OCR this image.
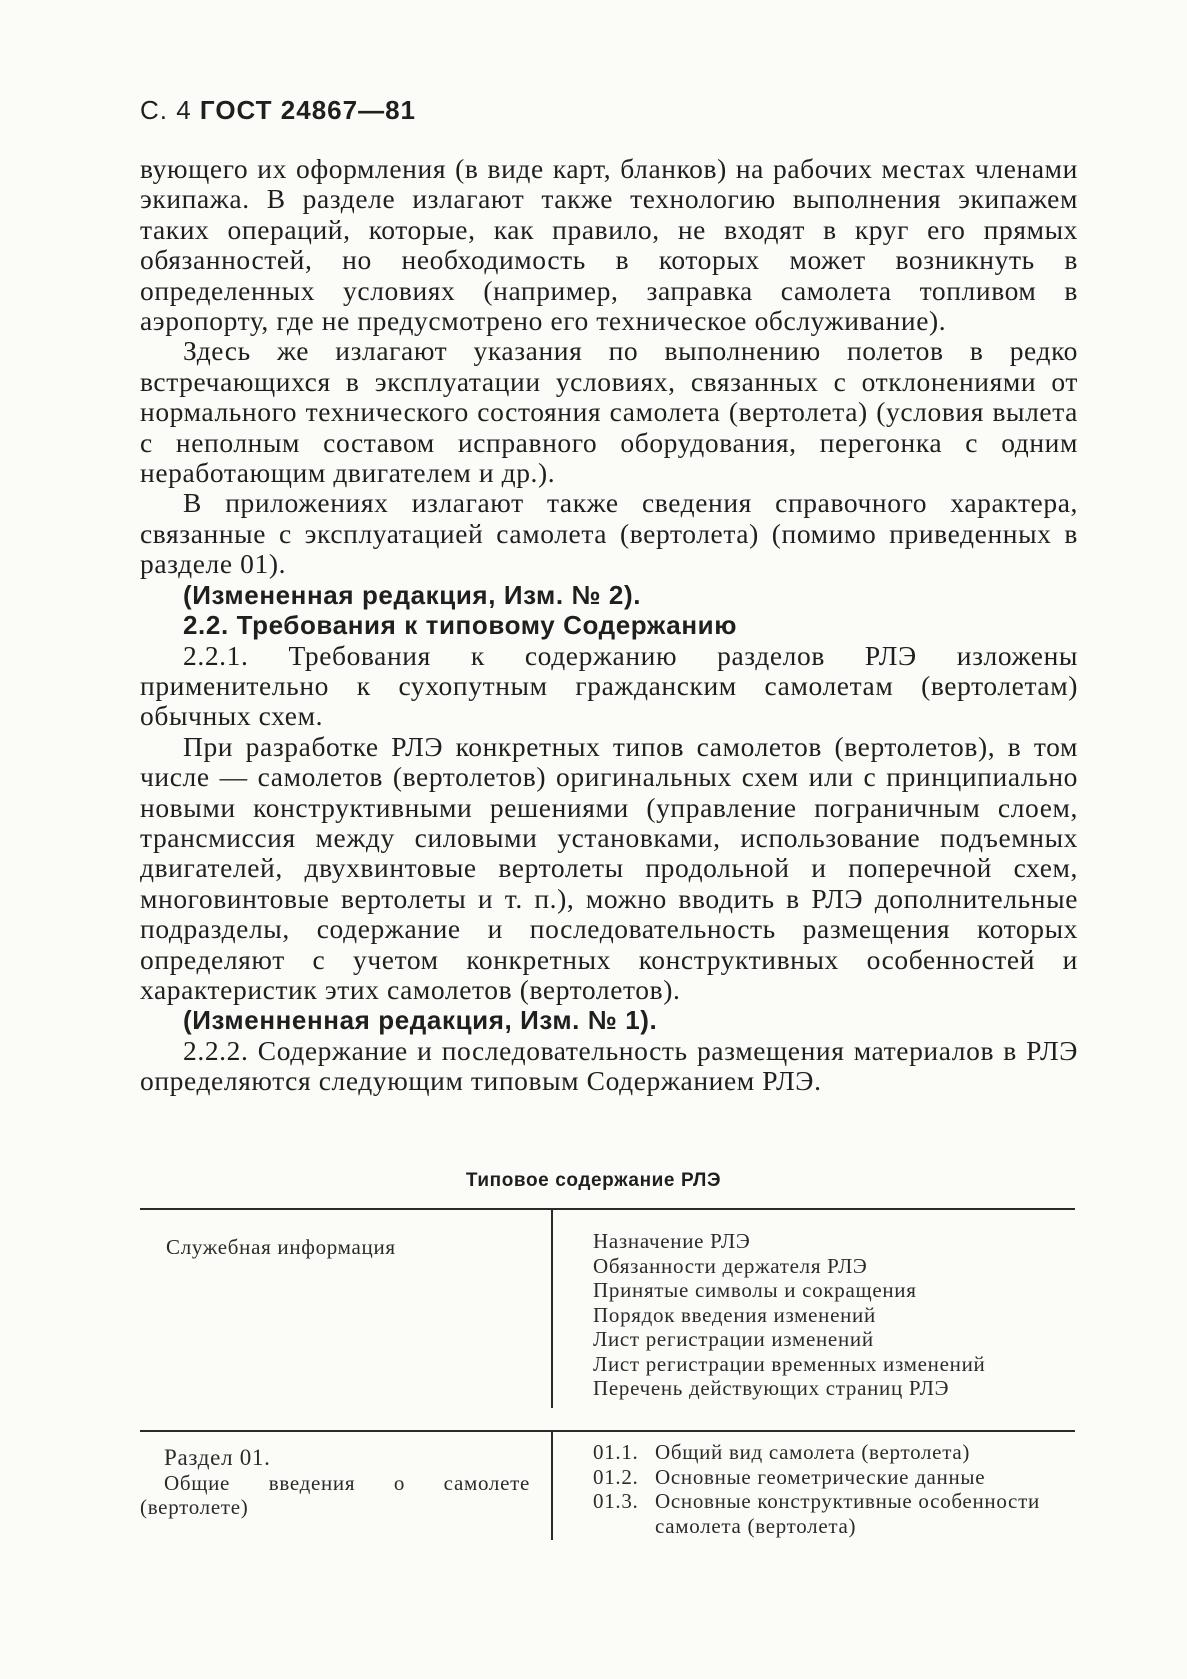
С. 4 ГОСТ 24867—81

вующего их оформления (в виде карт, бланков) на рабочих местах членами экипажа. В разделе излагают также технологию выполнения экипажем таких операций, которые, как правило, не входят в круг его прямых обязанностей, но необходимость в которых может возникнуть в определенных условиях (например, заправка самолета топливом в аэропорту, где не предусмотрено его техническое обслуживание).

Здесь же излагают указания по выполнению полетов в редко встречающихся в эксплуатации условиях, связанных с отклонениями от нормального технического состояния самолета (вертолета) (условия вылета с неполным составом исправного оборудования, перегонка с одним неработающим двигателем и др.).

В приложениях излагают также сведения справочного характера, связанные с эксплуатацией самолета (вертолета) (помимо приведенных в разделе 01).

(Измененная редакция, Изм. № 2).

2.2. Требования к типовому Содержанию

2.2.1. Требования к содержанию разделов РЛЭ изложены применительно к сухопутным гражданским самолетам (вертолетам) обычных схем.

При разработке РЛЭ конкретных типов самолетов (вертолетов), в том числе — самолетов (вертолетов) оригинальных схем или с принципиально новыми конструктивными решениями (управление пограничным слоем, трансмиссия между силовыми установками, использование подъемных двигателей, двухвинтовые вертолеты продольной и поперечной схем, многовинтовые вертолеты и т. п.), можно вводить в РЛЭ дополнительные подразделы, содержание и последовательность размещения которых определяют с учетом конкретных конструктивных особенностей и характеристик этих самолетов (вертолетов).

(Изменненная редакция, Изм. № 1).

2.2.2. Содержание и последовательность размещения материалов в РЛЭ определяются следующим типовым Содержанием РЛЭ.

Типовое содержание РЛЭ

Служебная информация	Назначение РЛЭ
Обязанности держателя РЛЭ
Принятые символы и сокращения
Порядок введения изменений
Лист регистрации изменений
Лист регистрации временных изменений
Перечень действующих страниц РЛЭ

Раздел 01.

Общие введения о самолете (вертолете)

01.1. Общий вид самолета (вертолета)
01.2. Основные геометрические данные
01.3. Основные конструктивные особенности самолета (вертолета)
